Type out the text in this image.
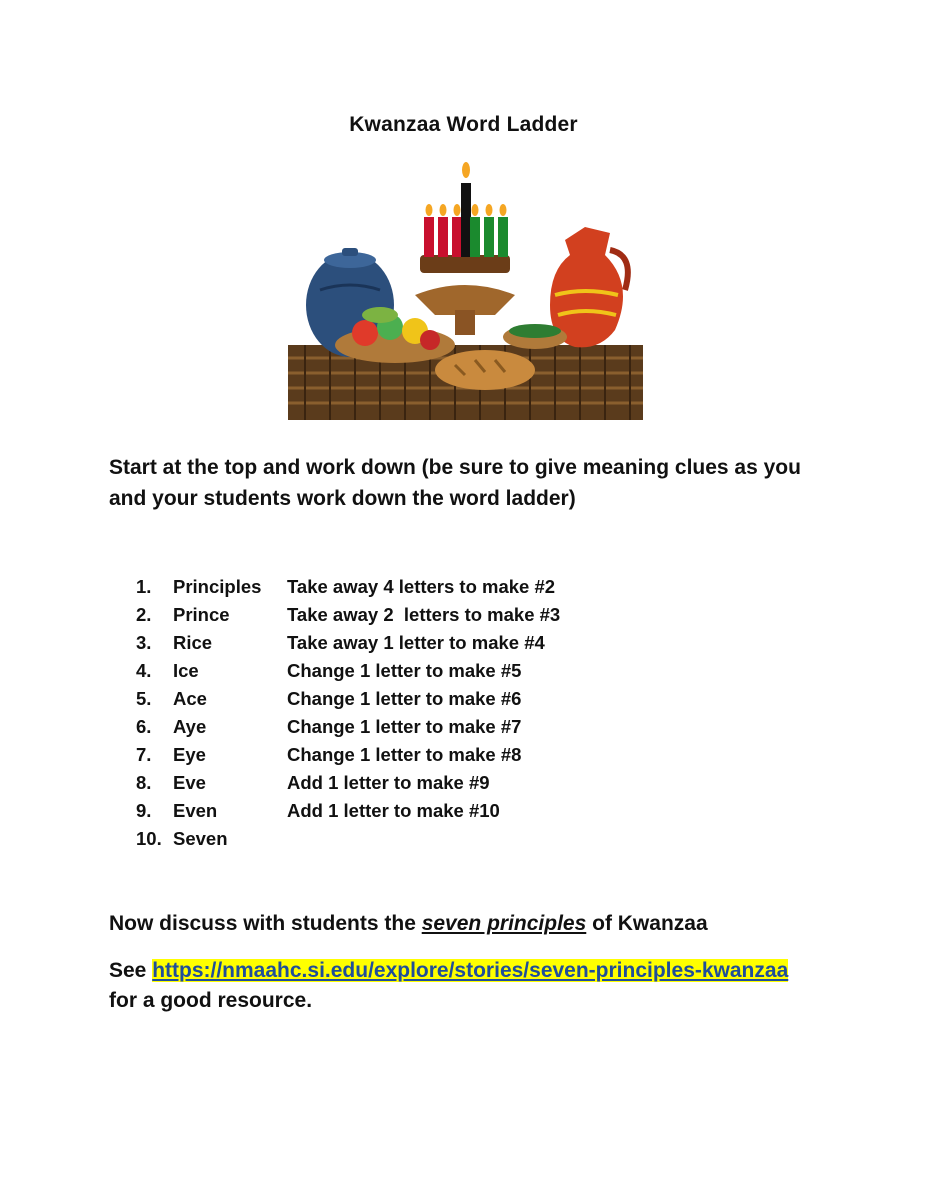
Kwanzaa Word Ladder
Start at the top and work down (be sure to give meaning clues as you and your students work down the word ladder)
1. Principles Take away 4 letters to make #2
2. Prince	Take away 2  letters to make #3
3. Rice	Take away 1 letter to make #4
4. Ice	Change 1 letter to make #5
5. Ace	Change 1 letter to make #6
6. Aye	Change 1 letter to make #7
7. Eye	Change 1 letter to make #8
8. Eve	Add 1 letter to make #9
9. Even	Add 1 letter to make #10
10. Seven
Now discuss with students the seven principles of Kwanzaa
See https://nmaahc.si.edu/explore/stories/seven-principles-kwanzaa
for a good resource.
